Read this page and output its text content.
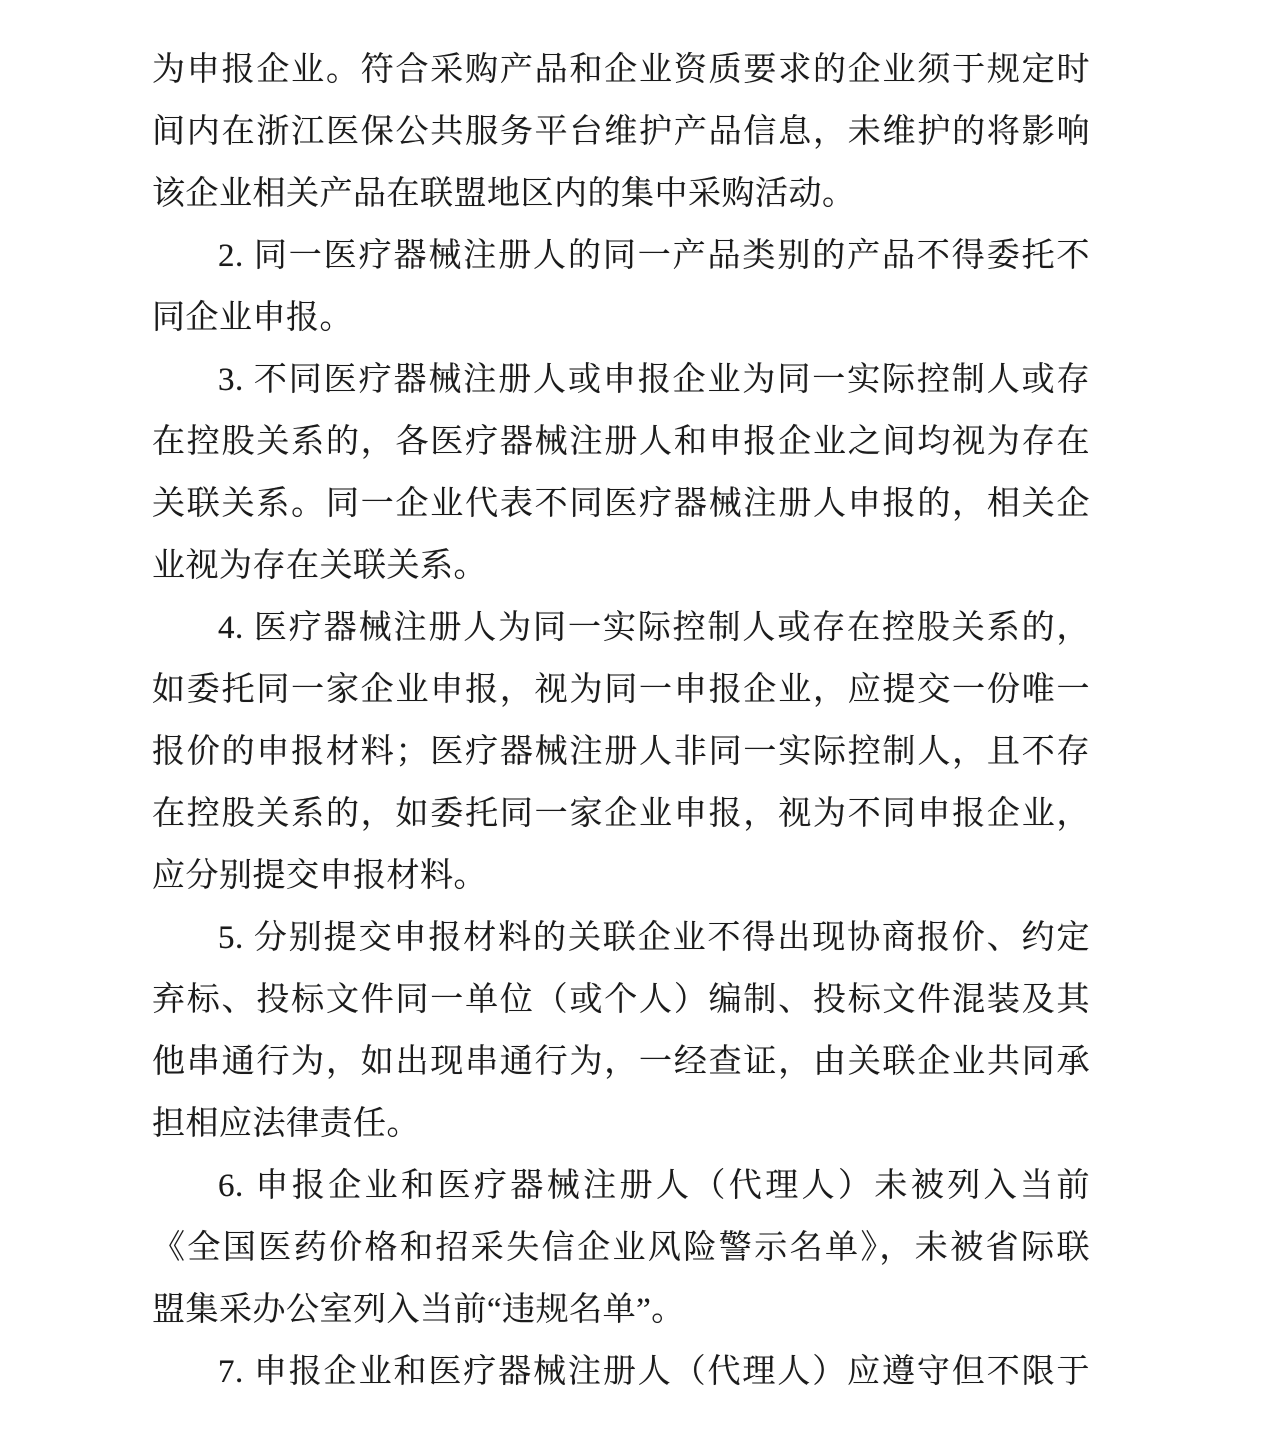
为申报企业。符合采购产品和企业资质要求的企业须于规定时
间内在浙江医保公共服务平台维护产品信息，未维护的将影响
该企业相关产品在联盟地区内的集中采购活动。
2. 同一医疗器械注册人的同一产品类别的产品不得委托不
同企业申报。
3. 不同医疗器械注册人或申报企业为同一实际控制人或存
在控股关系的，各医疗器械注册人和申报企业之间均视为存在
关联关系。同一企业代表不同医疗器械注册人申报的，相关企
业视为存在关联关系。
4. 医疗器械注册人为同一实际控制人或存在控股关系的，
如委托同一家企业申报，视为同一申报企业，应提交一份唯一
报价的申报材料；医疗器械注册人非同一实际控制人，且不存
在控股关系的，如委托同一家企业申报，视为不同申报企业，
应分别提交申报材料。
5. 分别提交申报材料的关联企业不得出现协商报价、约定
弃标、投标文件同一单位（或个人）编制、投标文件混装及其
他串通行为，如出现串通行为，一经查证，由关联企业共同承
担相应法律责任。
6. 申报企业和医疗器械注册人（代理人）未被列入当前
《全国医药价格和招采失信企业风险警示名单》，未被省际联
盟集采办公室列入当前“违规名单”。
7. 申报企业和医疗器械注册人（代理人）应遵守但不限于
